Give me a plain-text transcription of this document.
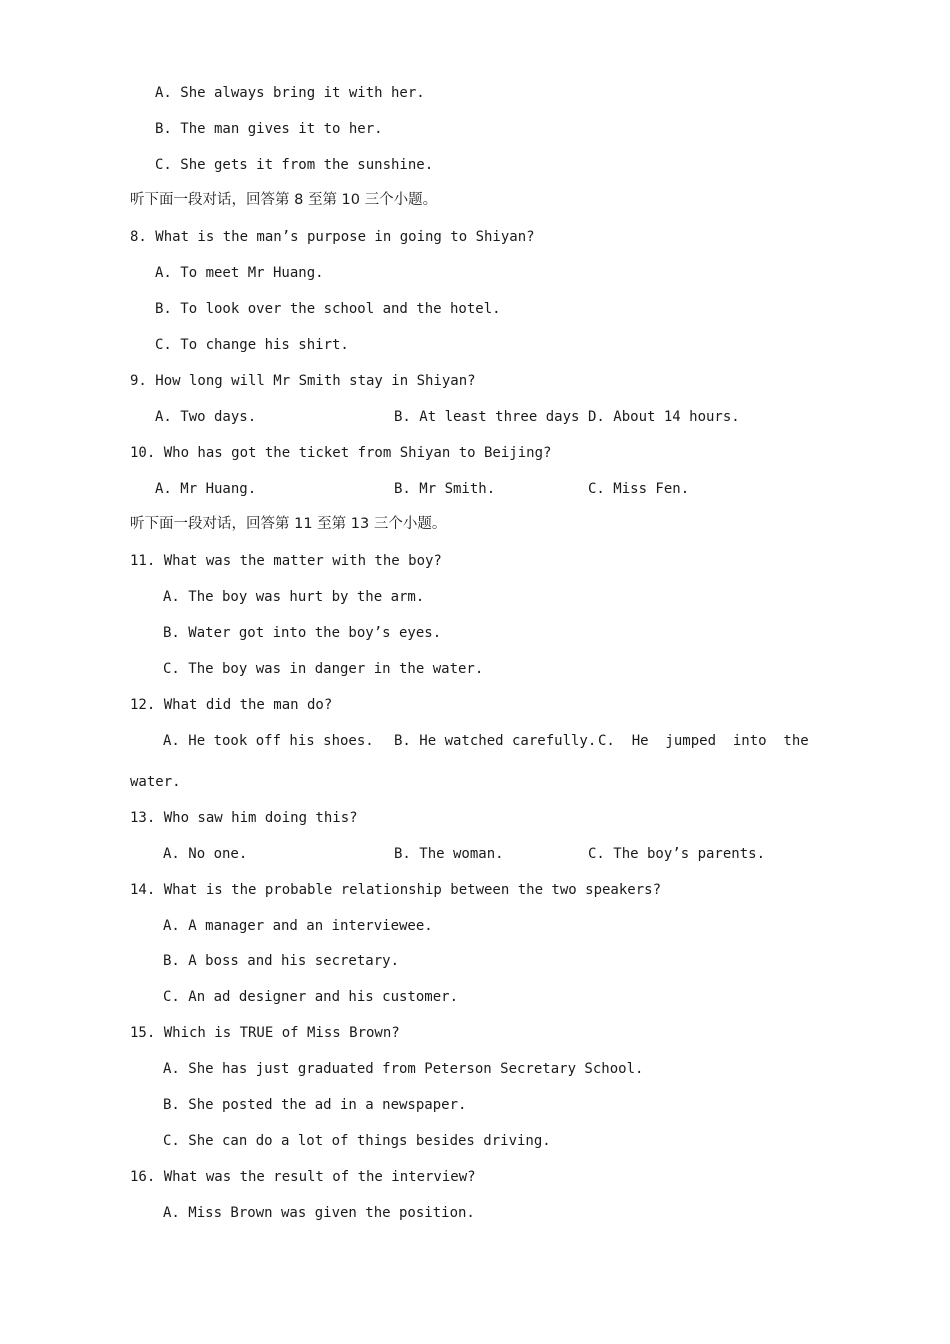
A. She always bring it with her.
B. The man gives it to her.
C. She gets it from the sunshine.
听下面一段对话，回答第 8 至第 10 三个小题。
8. What is the man’s purpose in going to Shiyan?
A. To meet Mr Huang.
B. To look over the school and the hotel.
C. To change his shirt.
9. How long will Mr Smith stay in Shiyan?

A. Two days.

	B. At least three days

D. About 14 hours.

10. Who has got the ticket from Shiyan to Beijing?

A. Mr Huang.

	B. Mr Smith.

	C. Miss Fen.

听下面一段对话，回答第 11 至第 13 三个小题。
11. What was the matter with the boy?
A. The boy was hurt by the arm.
B. Water got into the boy’s eyes.
C. The boy was in danger in the water.
12. What did the man do?

A. He took off his shoes.

B. He watched carefully.

C.  He  jumped  into  the

water.
13. Who saw him doing this?

A. No one.

	B. The woman.

	C. The boy’s parents.

14. What is the probable relationship between the two speakers?
A. A manager and an interviewee.
B. A boss and his secretary.
C. An ad designer and his customer.
15. Which is TRUE of Miss Brown?
A. She has just graduated from Peterson Secretary School.
B. She posted the ad in a newspaper.
C. She can do a lot of things besides driving.
16. What was the result of the interview?
A. Miss Brown was given the position.
